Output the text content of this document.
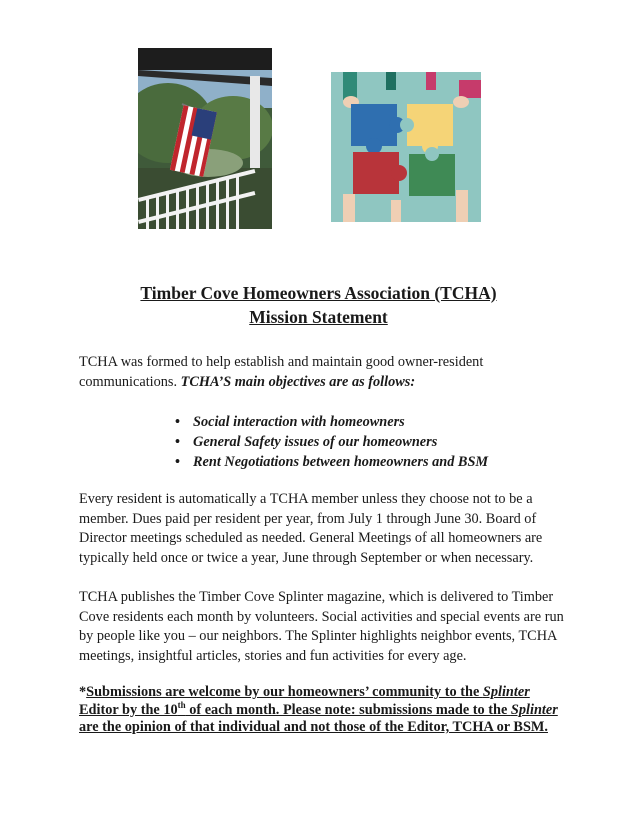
Timber Cove Homeowners Association (TCHA)
Mission Statement
TCHA was formed to help establish and maintain good owner-resident communications. TCHA’S main objectives are as follows:
• Social interaction with homeowners
• General Safety issues of our homeowners
• Rent Negotiations between homeowners and BSM
Every resident is automatically a TCHA member unless they choose not to be a member. Dues paid per resident per year, from July 1 through June 30. Board of Director meetings scheduled as needed. General Meetings of all homeowners are typically held once or twice a year, June through September or when necessary.
TCHA publishes the Timber Cove Splinter magazine, which is delivered to Timber Cove residents each month by volunteers. Social activities and special events are run by people like you – our neighbors. The Splinter highlights neighbor events, TCHA meetings, insightful articles, stories and fun activities for every age.
*Submissions are welcome by our homeowners’ community to the Splinter Editor by the 10th of each month. Please note: submissions made to the Splinter are the opinion of that individual and not those of the Editor, TCHA or BSM.
